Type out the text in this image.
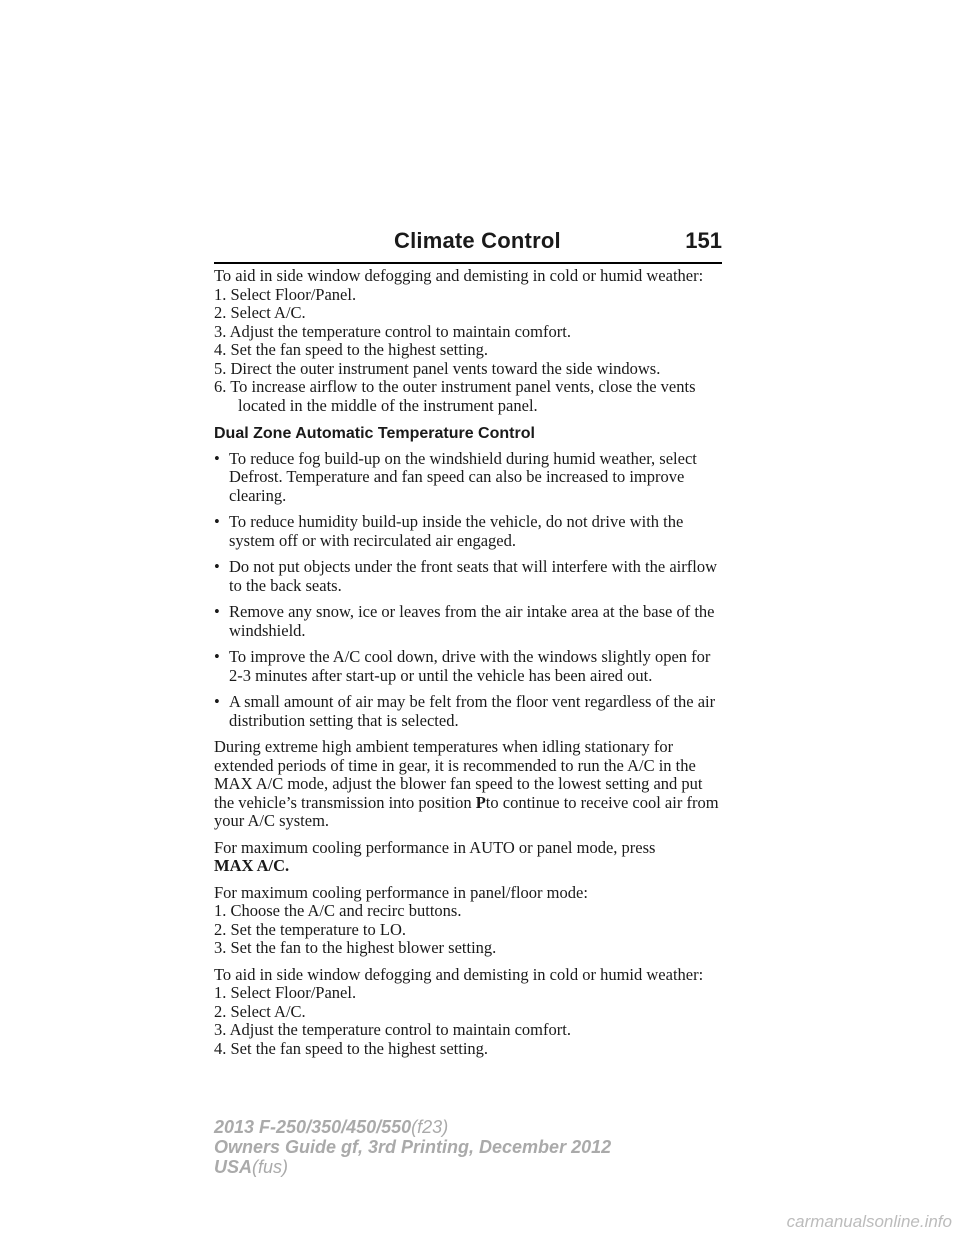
Climate Control	151

To aid in side window defogging and demisting in cold or humid weather:

1. Select Floor/Panel.

2. Select A/C.

3. Adjust the temperature control to maintain comfort.

4. Set the fan speed to the highest setting.

5. Direct the outer instrument panel vents toward the side windows.

6. To increase airflow to the outer instrument panel vents, close the vents located in the middle of the instrument panel.

Dual Zone Automatic Temperature Control

• To reduce fog build-up on the windshield during humid weather, select Defrost. Temperature and fan speed can also be increased to improve clearing.
• To reduce humidity build-up inside the vehicle, do not drive with the system off or with recirculated air engaged.
• Do not put objects under the front seats that will interfere with the airflow to the back seats.
• Remove any snow, ice or leaves from the air intake area at the base of the windshield.
• To improve the A/C cool down, drive with the windows slightly open for 2-3 minutes after start-up or until the vehicle has been aired out.
• A small amount of air may be felt from the floor vent regardless of the air distribution setting that is selected.

During extreme high ambient temperatures when idling stationary for extended periods of time in gear, it is recommended to run the A/C in the MAX A/C mode, adjust the blower fan speed to the lowest setting and put the vehicle’s transmission into position Pto continue to receive cool air from your A/C system.

For maximum cooling performance in AUTO or panel mode, press
MAX A/C.

For maximum cooling performance in panel/floor mode:

1. Choose the A/C and recirc buttons.

2. Set the temperature to LO.

3. Set the fan to the highest blower setting.

To aid in side window defogging and demisting in cold or humid weather:

1. Select Floor/Panel.

2. Select A/C.

3. Adjust the temperature control to maintain comfort.

4. Set the fan speed to the highest setting.

2013 F-250/350/450/550(f23)
Owners Guide gf, 3rd Printing, December 2012
USA(fus)
carmanualsonline.info
